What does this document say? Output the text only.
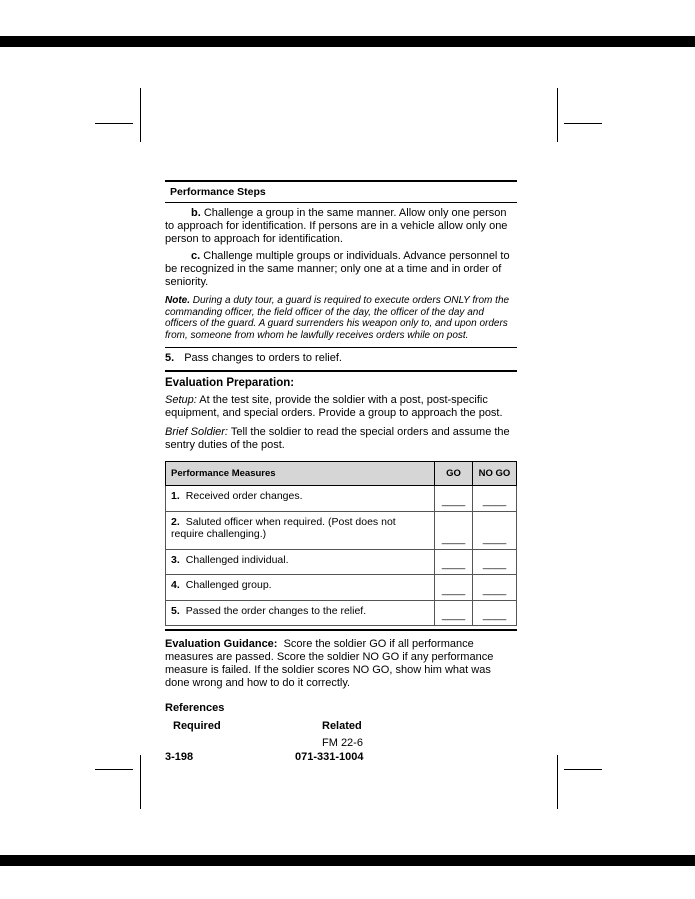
Performance Steps

b. Challenge a group in the same manner. Allow only one person to approach for identification. If persons are in a vehicle allow only one person to approach for identification.

c. Challenge multiple groups or individuals. Advance personnel to be recognized in the same manner; only one at a time and in order of seniority.

Note. During a duty tour, a guard is required to execute orders ONLY from the commanding officer, the field officer of the day, the officer of the day and officers of the guard. A guard surrenders his weapon only to, and upon orders from, someone from whom he lawfully receives orders while on post.

5. Pass changes to orders to relief.

Evaluation Preparation:

Setup: At the test site, provide the soldier with a post, post-specific equipment, and special orders. Provide a group to approach the post.

Brief Soldier: Tell the soldier to read the special orders and assume the sentry duties of the post.

Performance Measures	GO	NO GO
1. Received order changes.	____	____
2. Saluted officer when required. (Post does not require challenging.)	____	____
3. Challenged individual.	____	____
4. Challenged group.	____	____
5. Passed the order changes to the relief.	____	____

Evaluation Guidance: Score the soldier GO if all performance measures are passed. Score the soldier NO GO if any performance measure is failed. If the soldier scores NO GO, show him what was done wrong and how to do it correctly.

References
Required	Related
FM 22-6
3-198	071-331-1004
